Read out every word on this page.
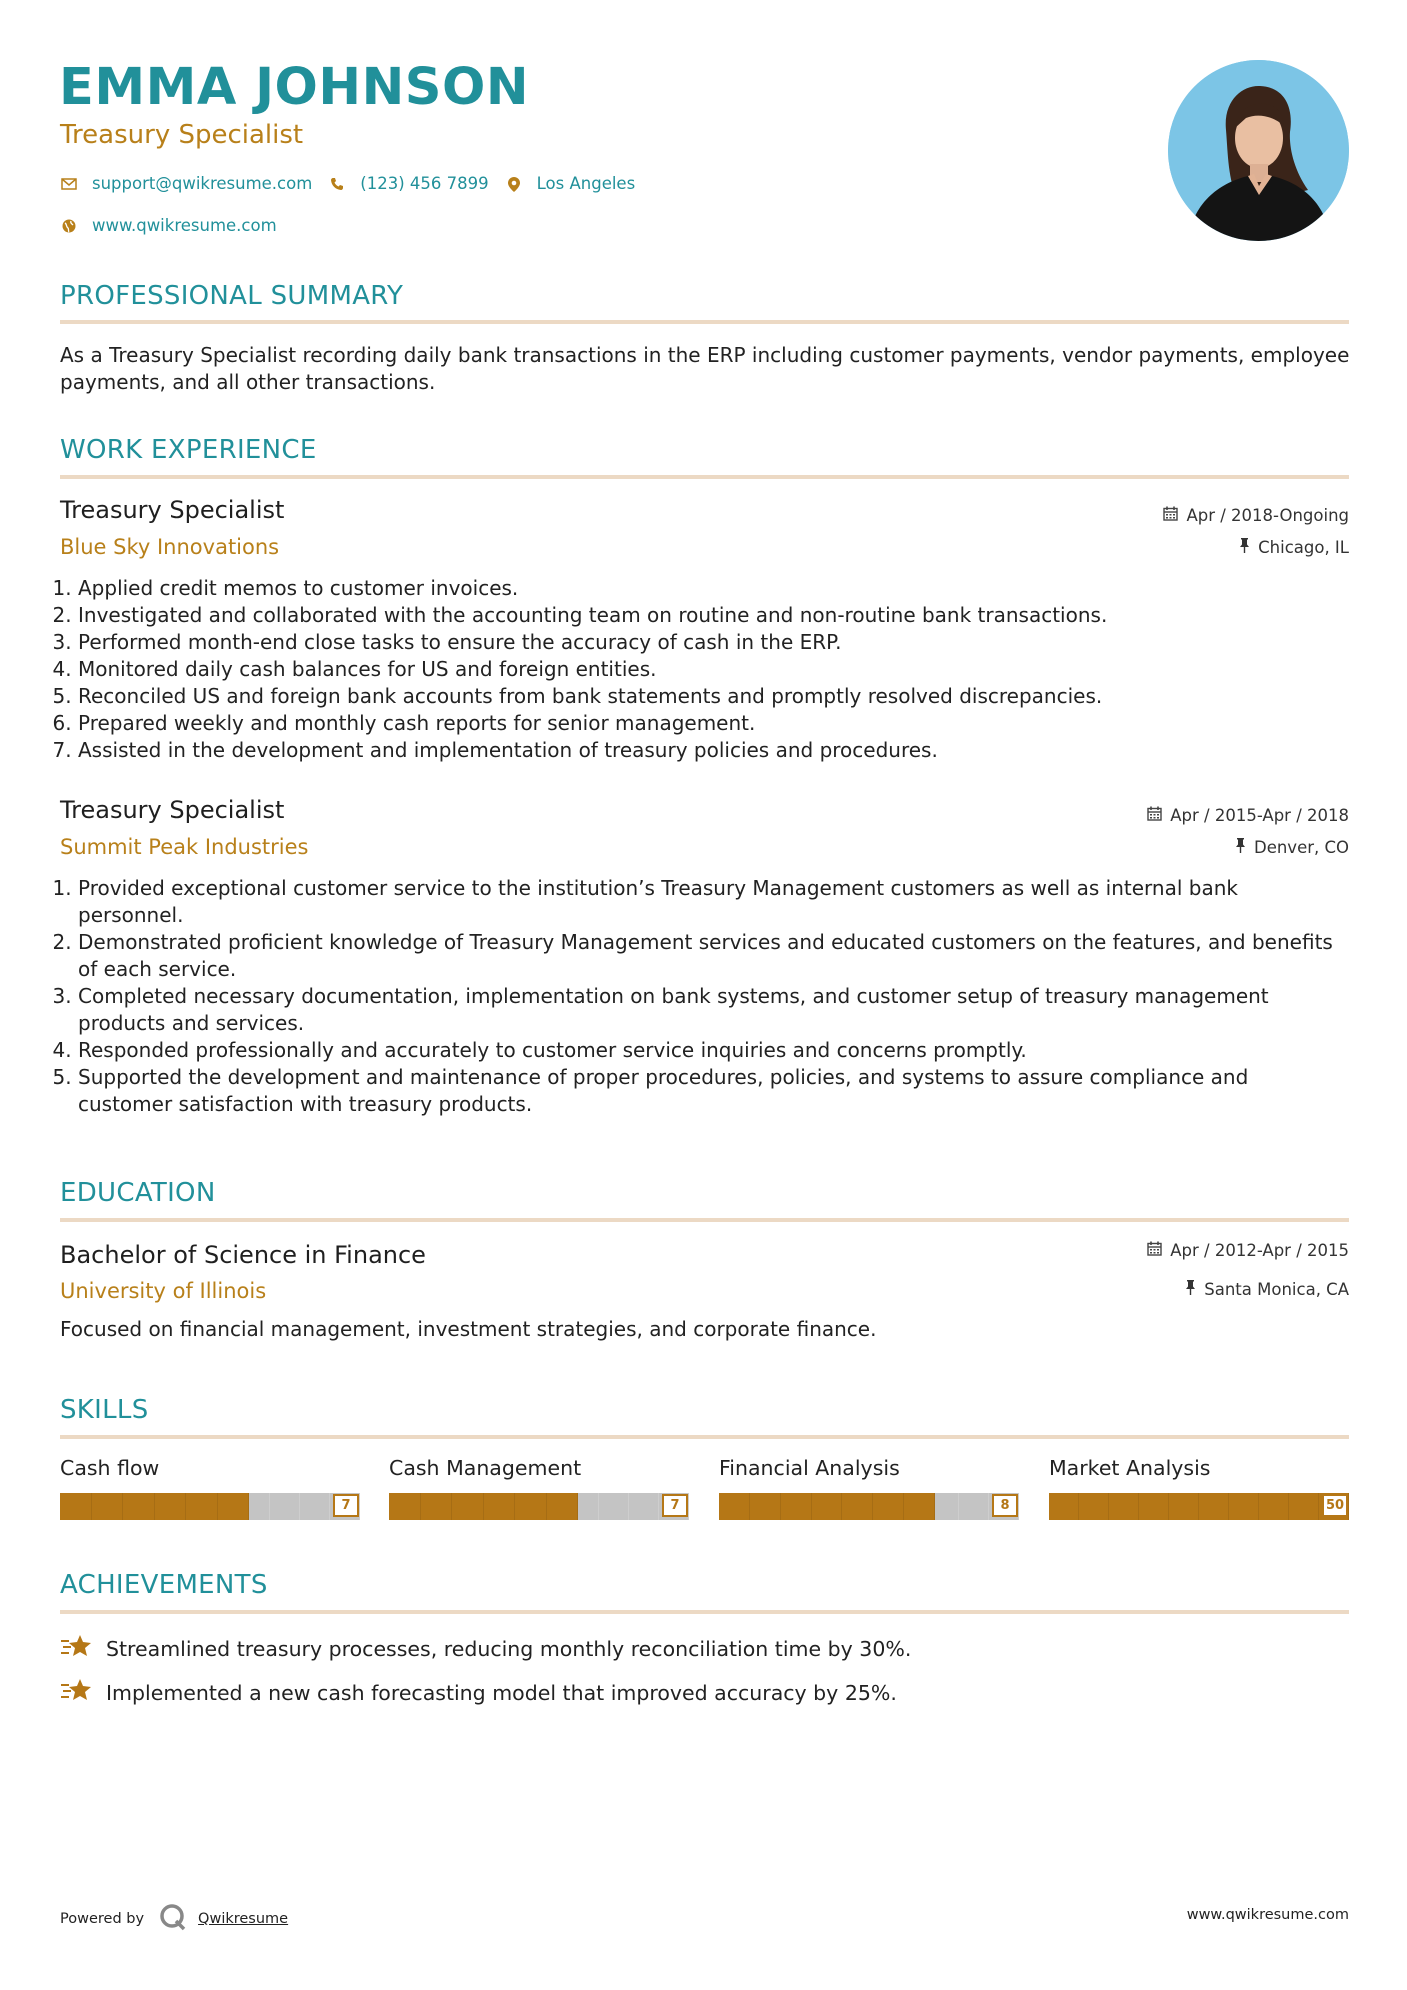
EMMA JOHNSON
Treasury Specialist
support@qwikresume.com	(123) 456 7899	Los Angeles
www.qwikresume.com
PROFESSIONAL SUMMARY
As a Treasury Specialist recording daily bank transactions in the ERP including customer payments, vendor payments, employee payments, and all other transactions.
WORK EXPERIENCE
Treasury Specialist
Blue Sky Innovations
Apr / 2018-Ongoing
Chicago, IL
1. Applied credit memos to customer invoices.
2. Investigated and collaborated with the accounting team on routine and non-routine bank transactions.
3. Performed month-end close tasks to ensure the accuracy of cash in the ERP.
4. Monitored daily cash balances for US and foreign entities.
5. Reconciled US and foreign bank accounts from bank statements and promptly resolved discrepancies.
6. Prepared weekly and monthly cash reports for senior management.
7. Assisted in the development and implementation of treasury policies and procedures.
Treasury Specialist
Summit Peak Industries
Apr / 2015-Apr / 2018
Denver, CO
1. Provided exceptional customer service to the institution’s Treasury Management customers as well as internal bank personnel.
2. Demonstrated proficient knowledge of Treasury Management services and educated customers on the features, and benefits of each service.
3. Completed necessary documentation, implementation on bank systems, and customer setup of treasury management products and services.
4. Responded professionally and accurately to customer service inquiries and concerns promptly.
5. Supported the development and maintenance of proper procedures, policies, and systems to assure compliance and customer satisfaction with treasury products.
EDUCATION
Bachelor of Science in Finance
University of Illinois
Apr / 2012-Apr / 2015
Santa Monica, CA
Focused on financial management, investment strategies, and corporate finance.
SKILLS
Cash flow
7
Cash Management
7
Financial Analysis
8
Market Analysis
50
ACHIEVEMENTS
Streamlined treasury processes, reducing monthly reconciliation time by 30%.
Implemented a new cash forecasting model that improved accuracy by 25%.
Powered by	Qwikresume	www.qwikresume.com
